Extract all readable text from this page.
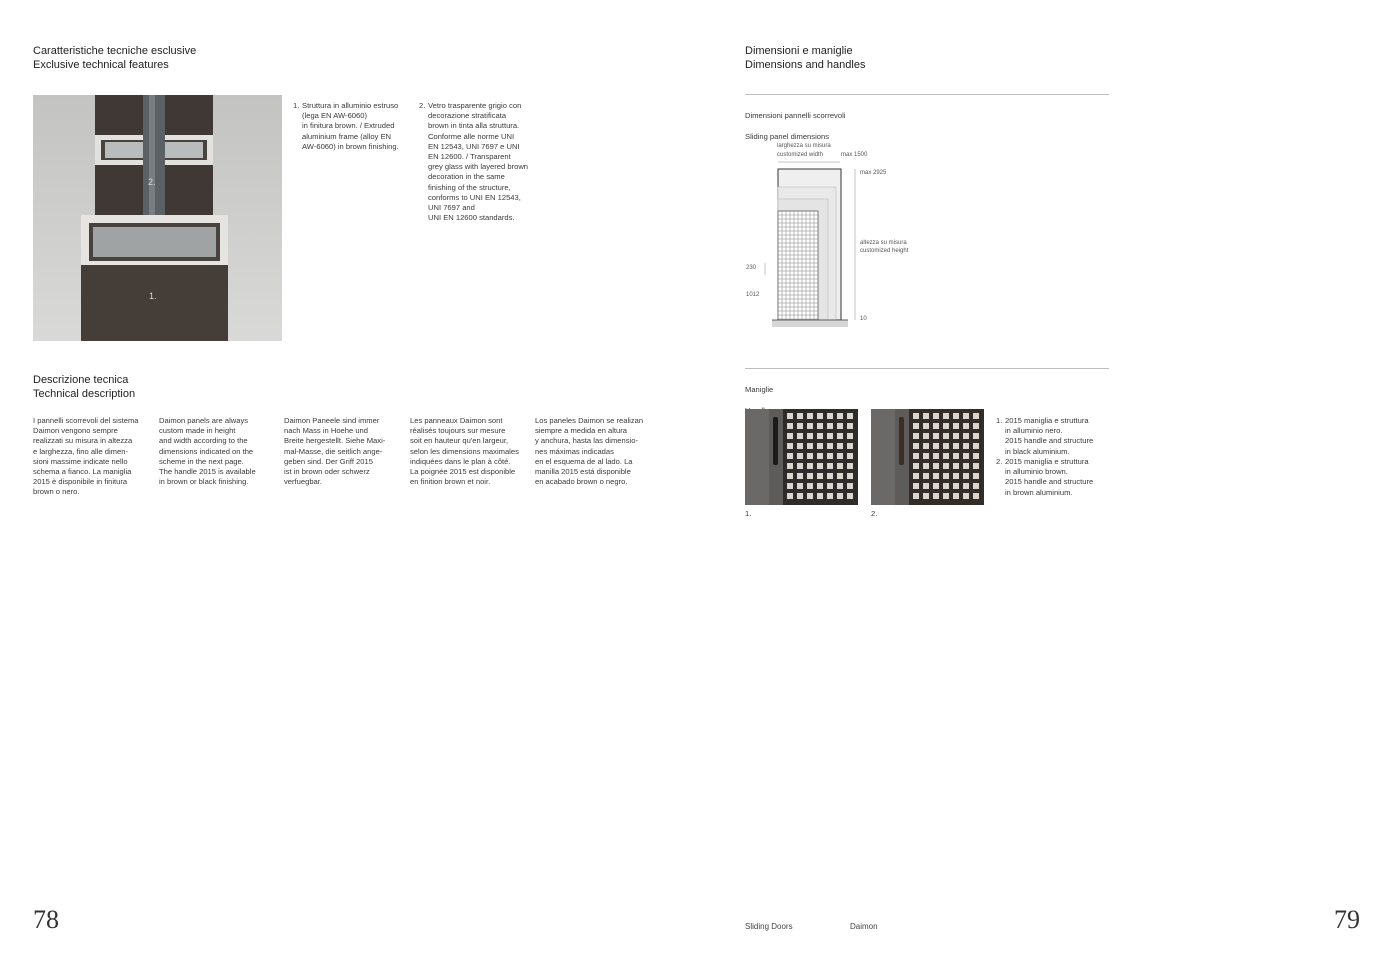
Caratteristiche tecniche esclusive
Exclusive technical features
2.
1.
1. Struttura in alluminio estruso
(lega EN AW-6060)
in finitura brown. / Extruded
aluminium frame (alloy EN
AW-6060) in brown finishing.
2. Vetro trasparente grigio con
decorazione stratificata
brown in tinta alla struttura.
Conforme alle norme UNI
EN 12543, UNI 7697 e UNI
EN 12600. / Transparent
grey glass with layered brown
decoration in the same
finishing of the structure,
conforms to UNI EN 12543,
UNI 7697 and
UNI EN 12600 standards.
Descrizione tecnica
Technical description
I pannelli scorrevoli del sistema
Daimon vengono sempre
realizzati su misura in altezza
e larghezza, fino alle dimen-
sioni massime indicate nello
schema a fianco. La maniglia
2015 è disponibile in finitura
brown o nero.
Daimon panels are always
custom made in height
and width according to the
dimensions indicated on the
scheme in the next page.
The handle 2015 is available
in brown or black finishing.
Daimon Paneele sind immer
nach Mass in Hoehe und
Breite hergestellt. Siehe Maxi-
mal-Masse, die seitlich ange-
geben sind. Der Griff 2015
ist in brown oder schwerz
verfuegbar.
Les panneaux Daimon sont
réalisés toujours sur mesure
soit en hauteur qu'en largeur,
selon les dimensions maximales
indiquées dans le plan à côté.
La poignée 2015 est disponible
en finition brown et noir.
Los paneles Daimon se realizan
siempre a medida en altura
y anchura, hasta las dimensio-
nes máximas indicadas
en el esquema de al lado. La
manilla 2015 está disponible
en acabado brown o negro.
78
Dimensioni e maniglie
Dimensions and handles

Dimensioni pannelli scorrevoli

Sliding panel dimensions

larghezza su misura
customized width	max 1500
max 2925
altezza su misura
customized height
230
1012
10

Maniglie

1.	2.
1. 2015 maniglia e struttura
in alluminio nero.
2015 handle and structure
in black aluminium.
2. 2015 maniglia e struttura
in alluminio brown.
2015 handle and structure
in brown aluminium.
Sliding Doors	Daimon	79
